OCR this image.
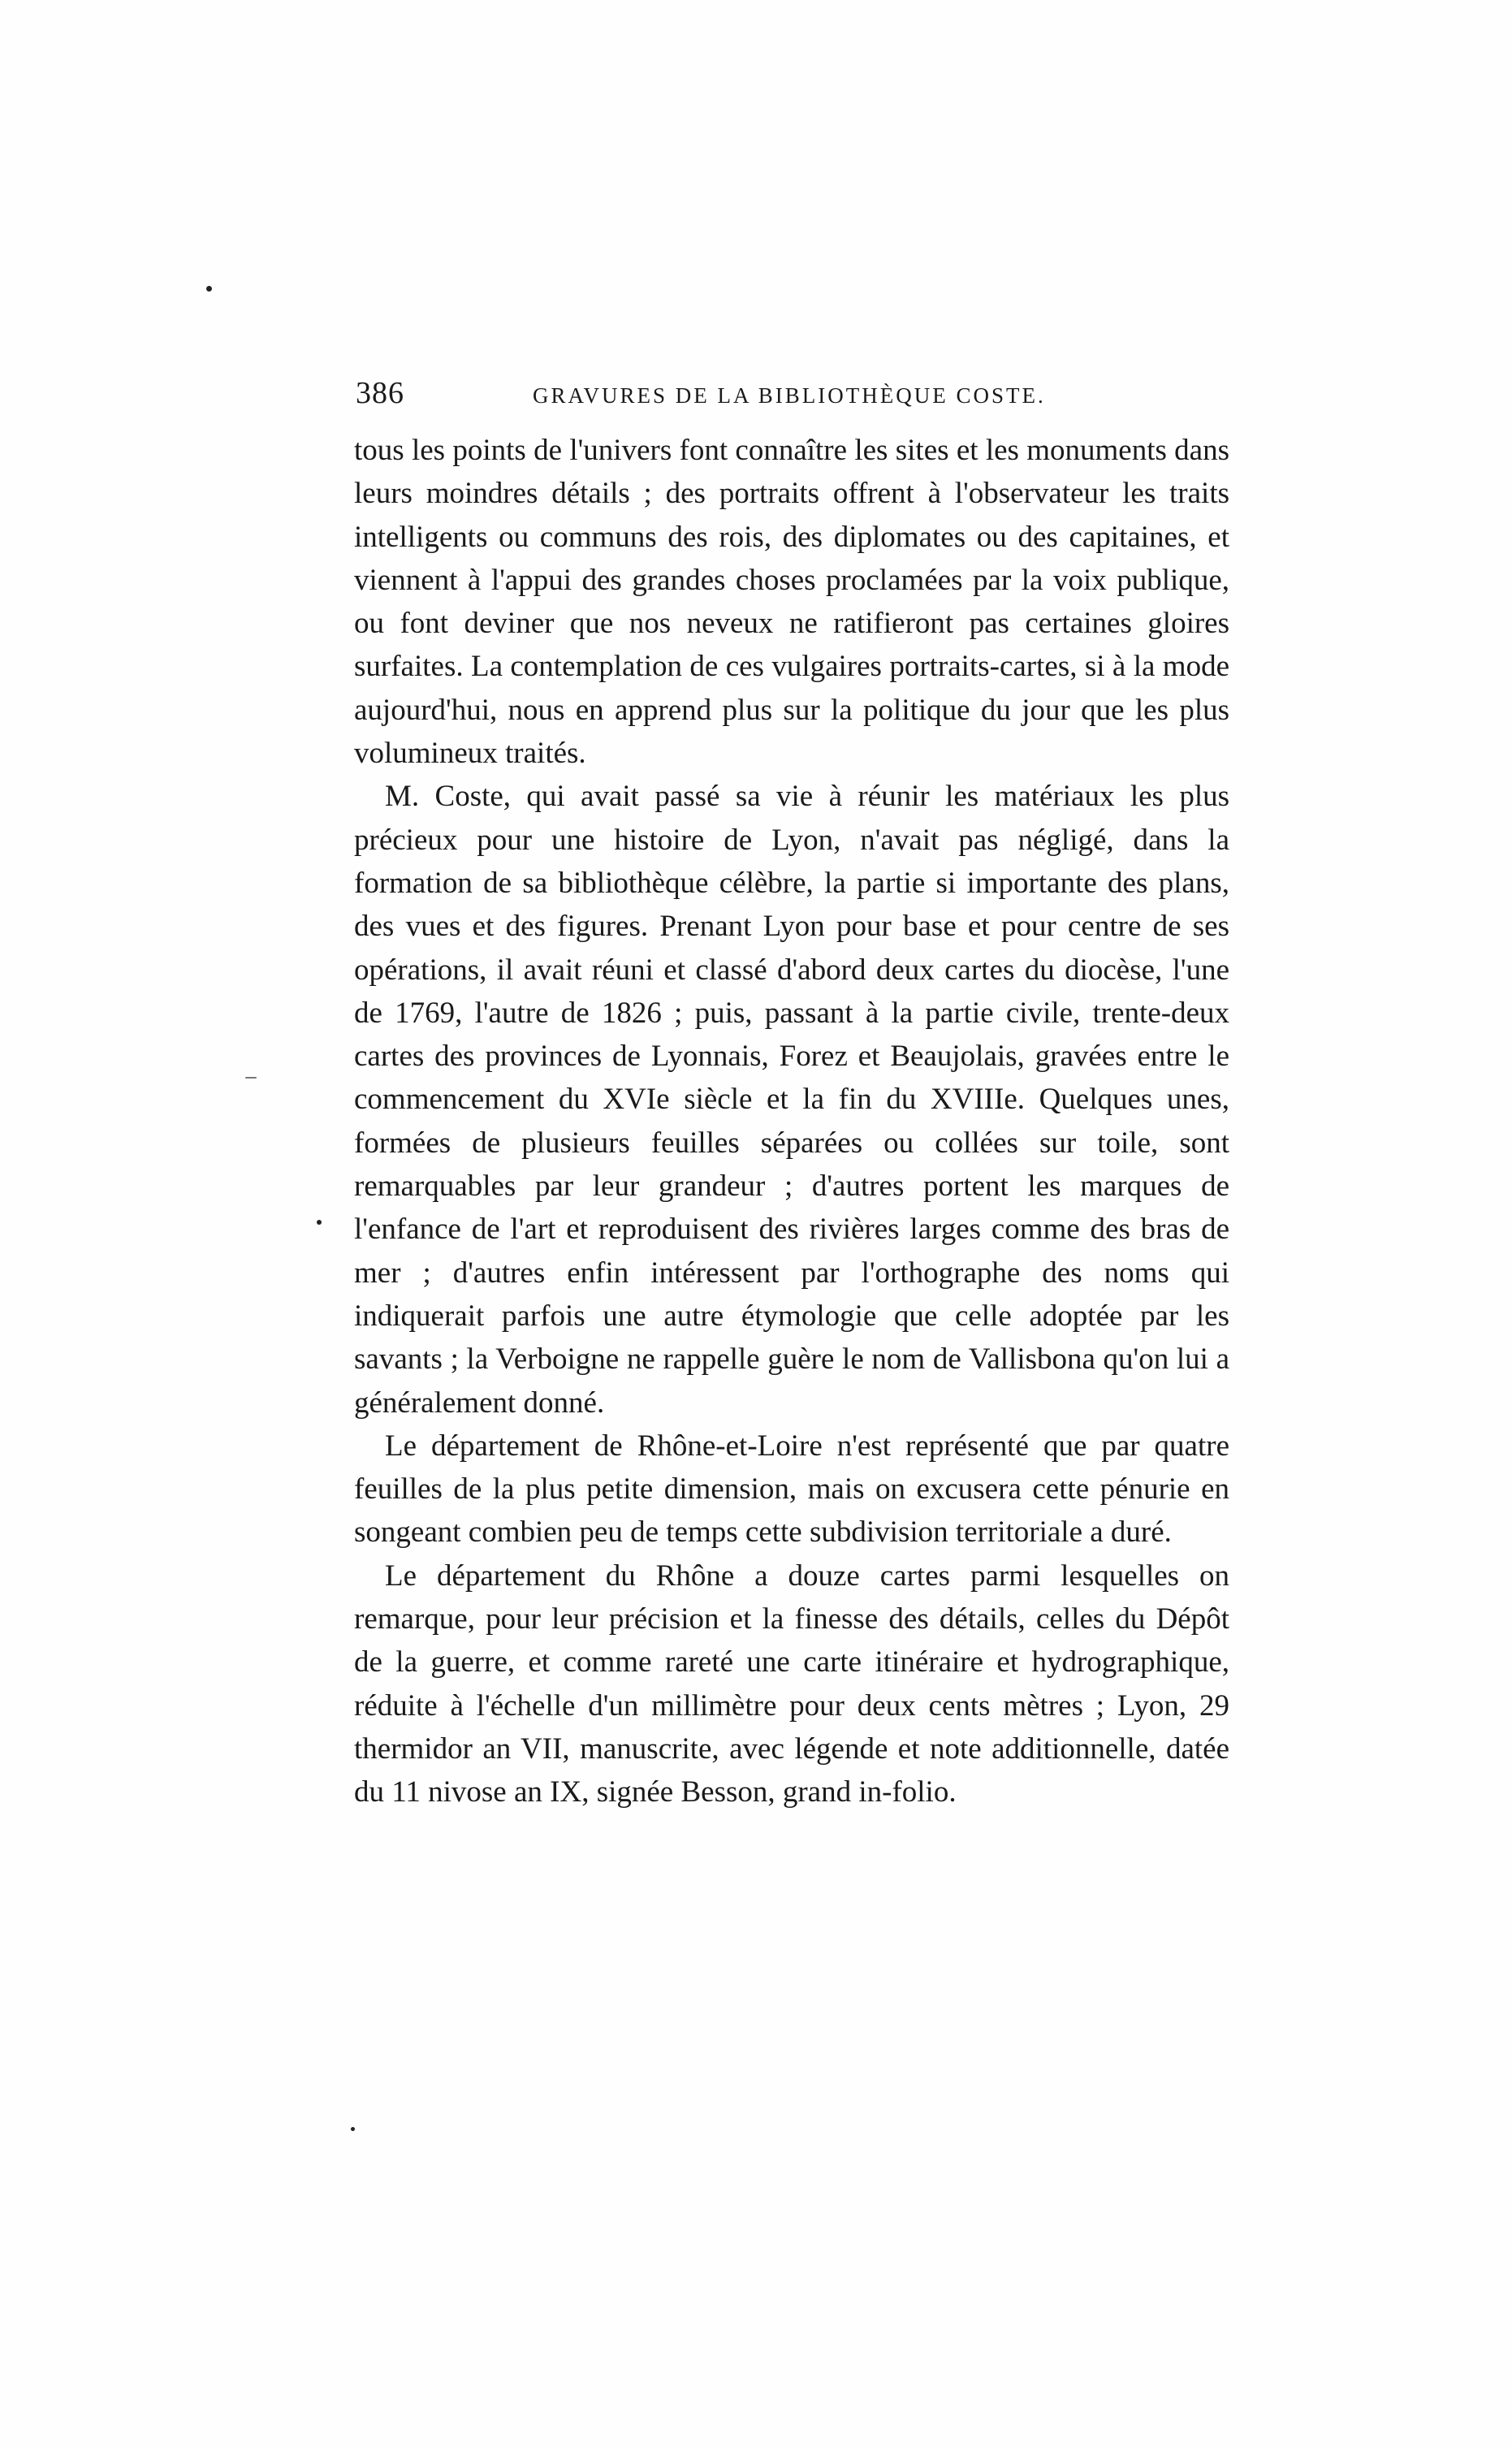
386	GRAVURES DE LA BIBLIOTHÈQUE COSTE.

tous les points de l'univers font connaître les sites et les monuments dans leurs moindres détails ; des portraits offrent à l'observateur les traits intelligents ou communs des rois, des diplomates ou des capitaines, et viennent à l'appui des grandes choses proclamées par la voix publique, ou font deviner que nos neveux ne ratifieront pas certaines gloires surfaites. La contemplation de ces vulgaires portraits-cartes, si à la mode aujourd'hui, nous en apprend plus sur la politique du jour que les plus volumineux traités.

M. Coste, qui avait passé sa vie à réunir les matériaux les plus précieux pour une histoire de Lyon, n'avait pas négligé, dans la formation de sa bibliothèque célèbre, la partie si importante des plans, des vues et des figures. Prenant Lyon pour base et pour centre de ses opérations, il avait réuni et classé d'abord deux cartes du diocèse, l'une de 1769, l'autre de 1826 ; puis, passant à la partie civile, trente-deux cartes des provinces de Lyonnais, Forez et Beaujolais, gravées entre le commencement du XVIe siècle et la fin du XVIIIe. Quelques unes, formées de plusieurs feuilles séparées ou collées sur toile, sont remarquables par leur grandeur ; d'autres portent les marques de l'enfance de l'art et reproduisent des rivières larges comme des bras de mer ; d'autres enfin intéressent par l'orthographe des noms qui indiquerait parfois une autre étymologie que celle adoptée par les savants ; la Verboigne ne rappelle guère le nom de Vallisbona qu'on lui a généralement donné.

Le département de Rhône-et-Loire n'est représenté que par quatre feuilles de la plus petite dimension, mais on excusera cette pénurie en songeant combien peu de temps cette subdivision territoriale a duré.

Le département du Rhône a douze cartes parmi lesquelles on remarque, pour leur précision et la finesse des détails, celles du Dépôt de la guerre, et comme rareté une carte itinéraire et hydrographique, réduite à l'échelle d'un millimètre pour deux cents mètres ; Lyon, 29 thermidor an VII, manuscrite, avec légende et note additionnelle, datée du 11 nivose an IX, signée Besson, grand in-folio.
